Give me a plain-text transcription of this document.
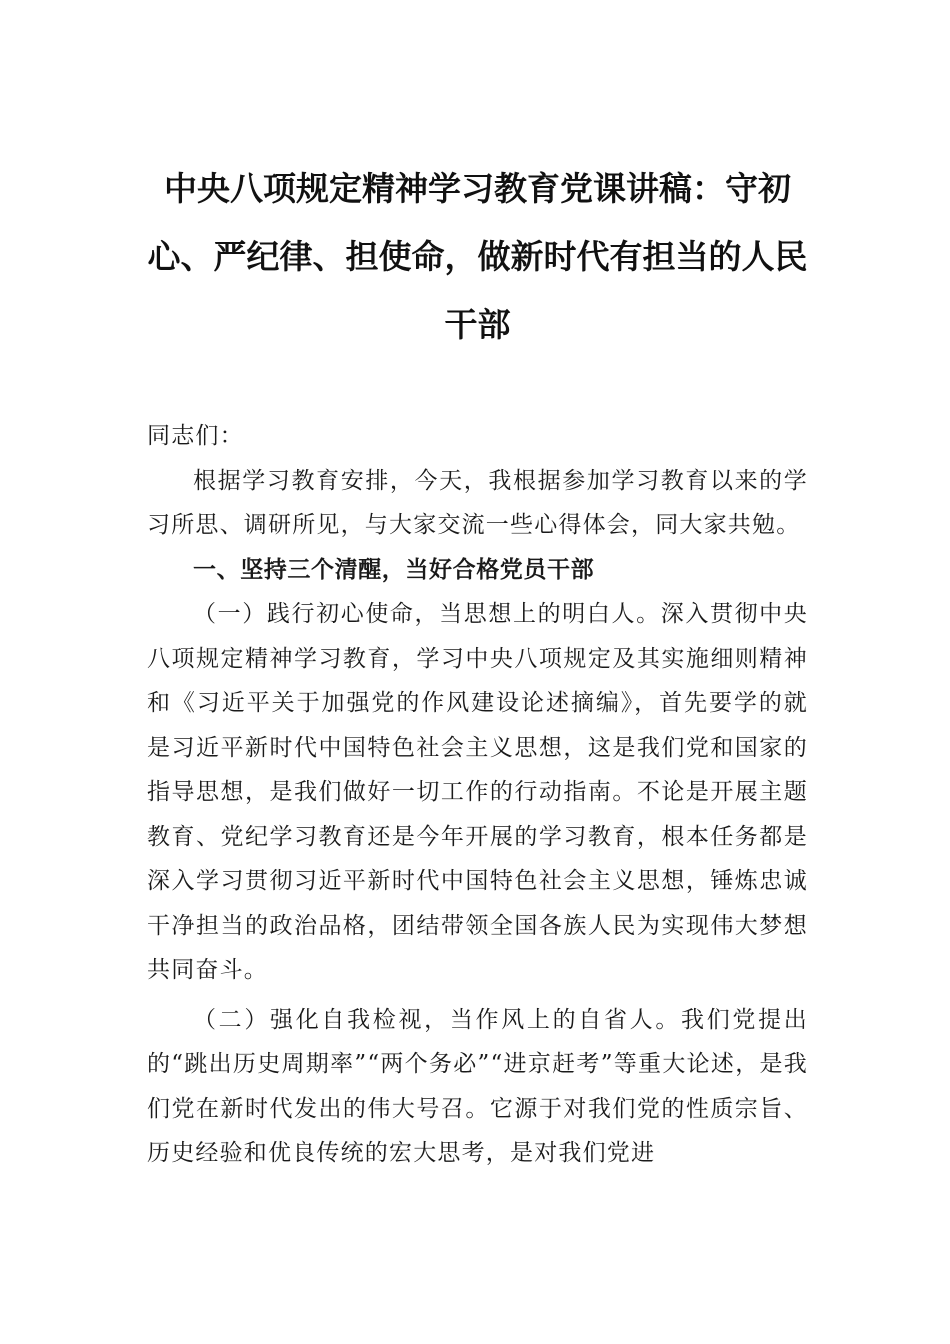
中央八项规定精神学习教育党课讲稿：守初心、严纪律、担使命，做新时代有担当的人民干部

同志们：

根据学习教育安排，今天，我根据参加学习教育以来的学习所思、调研所见，与大家交流一些心得体会，同大家共勉。

一、坚持三个清醒，当好合格党员干部

（一）践行初心使命，当思想上的明白人。深入贯彻中央八项规定精神学习教育，学习中央八项规定及其实施细则精神和《习近平关于加强党的作风建设论述摘编》，首先要学的就是习近平新时代中国特色社会主义思想，这是我们党和国家的指导思想，是我们做好一切工作的行动指南。不论是开展主题教育、党纪学习教育还是今年开展的学习教育，根本任务都是深入学习贯彻习近平新时代中国特色社会主义思想，锤炼忠诚干净担当的政治品格，团结带领全国各族人民为实现伟大梦想共同奋斗。

（二）强化自我检视，当作风上的自省人。我们党提出的“跳出历史周期率”“两个务必”“进京赶考”等重大论述，是我们党在新时代发出的伟大号召。它源于对我们党的性质宗旨、历史经验和优良传统的宏大思考，是对我们党进
